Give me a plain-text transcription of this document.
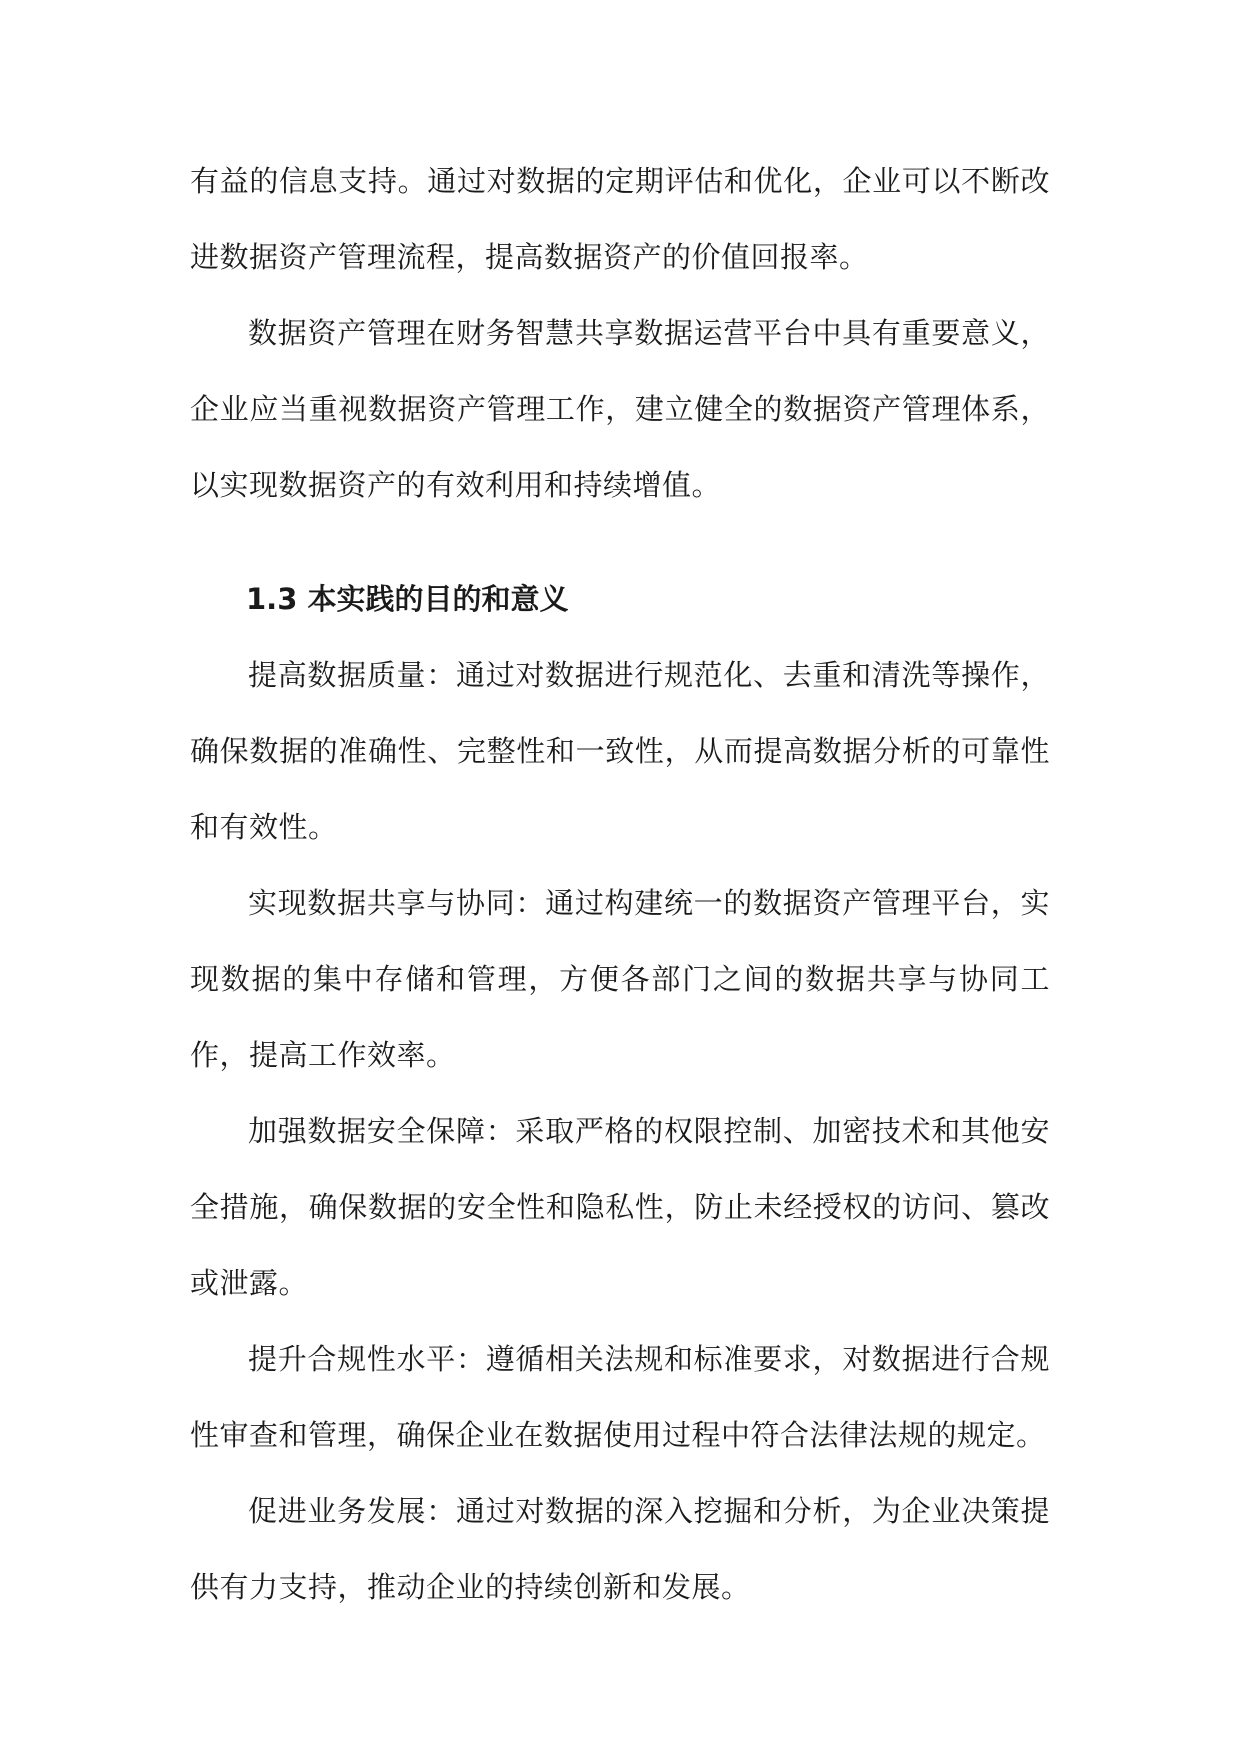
有益的信息支持。通过对数据的定期评估和优化，企业可以不断改进数据资产管理流程，提高数据资产的价值回报率。

数据资产管理在财务智慧共享数据运营平台中具有重要意义，企业应当重视数据资产管理工作，建立健全的数据资产管理体系，以实现数据资产的有效利用和持续增值。

1.3 本实践的目的和意义

提高数据质量：通过对数据进行规范化、去重和清洗等操作，确保数据的准确性、完整性和一致性，从而提高数据分析的可靠性和有效性。

实现数据共享与协同：通过构建统一的数据资产管理平台，实现数据的集中存储和管理，方便各部门之间的数据共享与协同工作，提高工作效率。

加强数据安全保障：采取严格的权限控制、加密技术和其他安全措施，确保数据的安全性和隐私性，防止未经授权的访问、篡改或泄露。

提升合规性水平：遵循相关法规和标准要求，对数据进行合规性审查和管理，确保企业在数据使用过程中符合法律法规的规定。

促进业务发展：通过对数据的深入挖掘和分析，为企业决策提供有力支持，推动企业的持续创新和发展。
